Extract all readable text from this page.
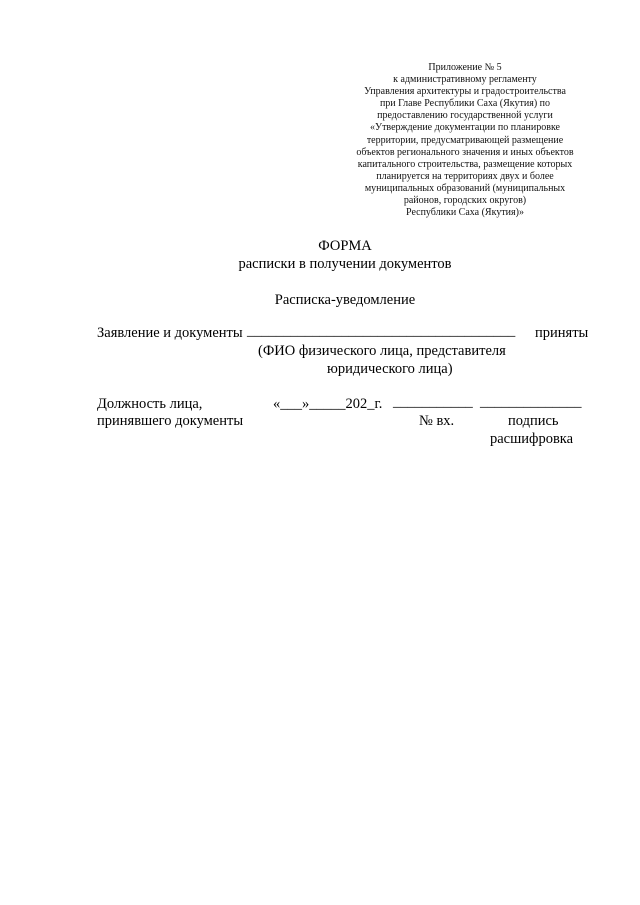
Приложение № 5
к административному регламенту
Управления архитектуры и градостроительства
при Главе Республики Саха (Якутия) по
предоставлению государственной услуги
«Утверждение документации по планировке
территории, предусматривающей размещение
объектов регионального значения и иных объектов
капитального строительства, размещение которых
планируется на территориях двух и более
муниципальных образований (муниципальных
районов, городских округов)
Республики Саха (Якутия)»
ФОРМА
расписки в получении документов
Расписка-уведомление
Заявление и документы _____________________________________ приняты
(ФИО физического лица, представителя
юридического лица)
Должность лица,
принявшего документы
«___»_____202_г. ___________ ______________
№ вх.	подпись
расшифровка
